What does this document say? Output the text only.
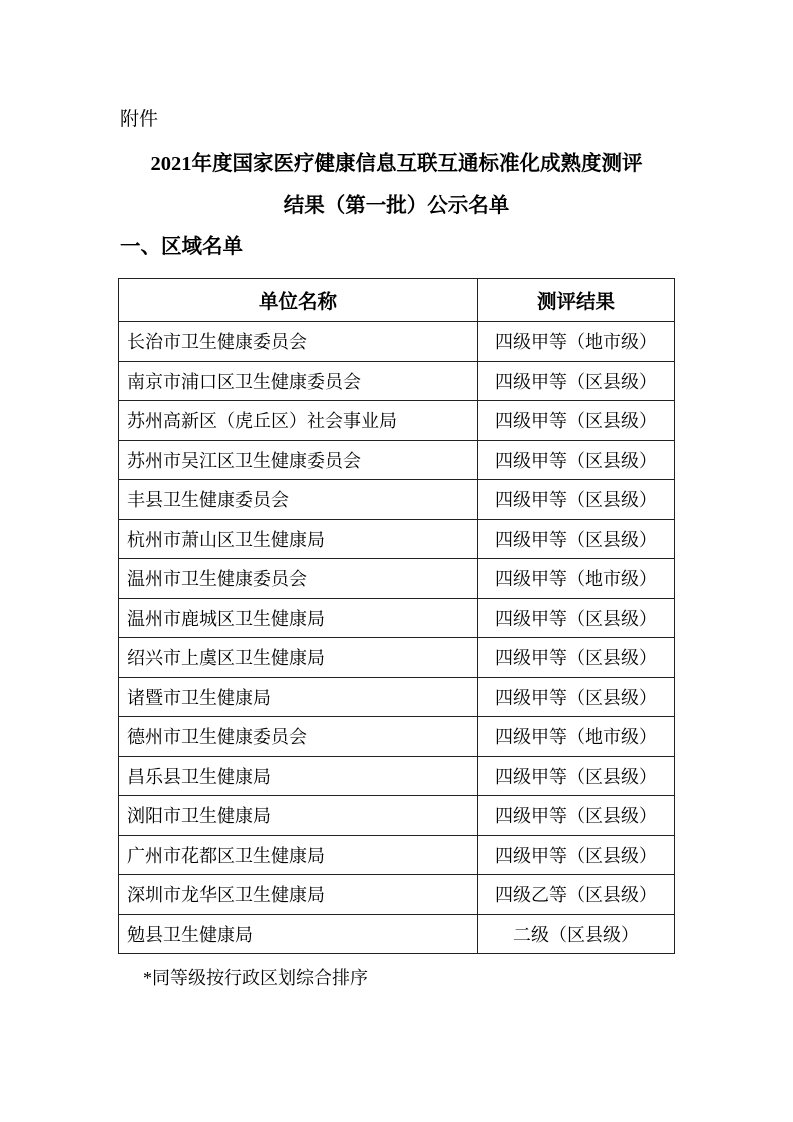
附件
2021年度国家医疗健康信息互联互通标准化成熟度测评
结果（第一批）公示名单
一、区域名单
单位名称	测评结果
长治市卫生健康委员会	四级甲等（地市级）
南京市浦口区卫生健康委员会	四级甲等（区县级）
苏州高新区（虎丘区）社会事业局	四级甲等（区县级）
苏州市吴江区卫生健康委员会	四级甲等（区县级）
丰县卫生健康委员会	四级甲等（区县级）
杭州市萧山区卫生健康局	四级甲等（区县级）
温州市卫生健康委员会	四级甲等（地市级）
温州市鹿城区卫生健康局	四级甲等（区县级）
绍兴市上虞区卫生健康局	四级甲等（区县级）
诸暨市卫生健康局	四级甲等（区县级）
德州市卫生健康委员会	四级甲等（地市级）
昌乐县卫生健康局	四级甲等（区县级）
浏阳市卫生健康局	四级甲等（区县级）
广州市花都区卫生健康局	四级甲等（区县级）
深圳市龙华区卫生健康局	四级乙等（区县级）
勉县卫生健康局	二级（区县级）
*同等级按行政区划综合排序
